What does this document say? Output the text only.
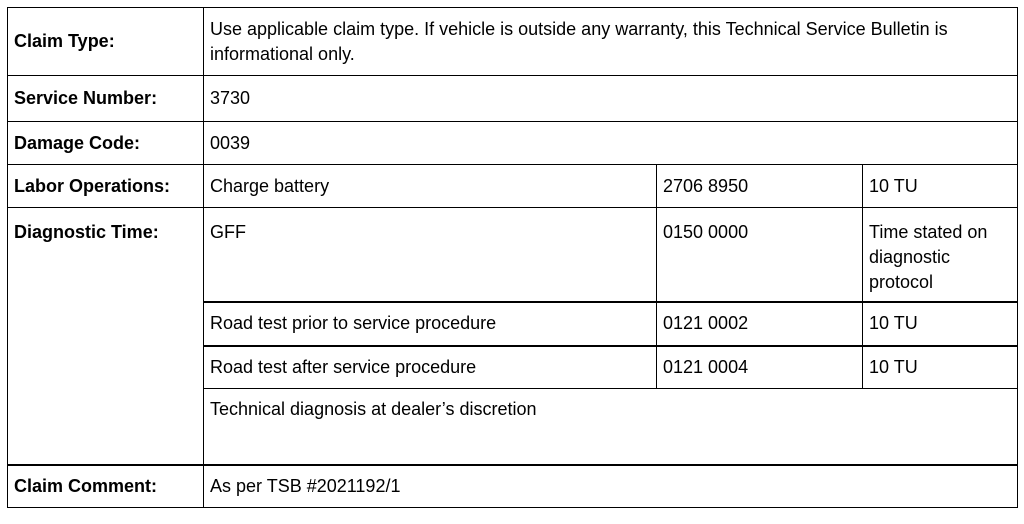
Claim Type:	Use applicable claim type. If vehicle is outside any warranty, this Technical Service Bulletin is informational only.		
Service Number:	3730		
Damage Code:	0039		
Labor Operations:	Charge battery	2706 8950	10 TU
Diagnostic Time:	GFF	0150 0000	Time stated on diagnostic protocol
	Road test prior to service procedure	0121 0002	10 TU
	Road test after service procedure	0121 0004	10 TU
	Technical diagnosis at dealer’s discretion		
Claim Comment:	As per TSB #2021192/1		
